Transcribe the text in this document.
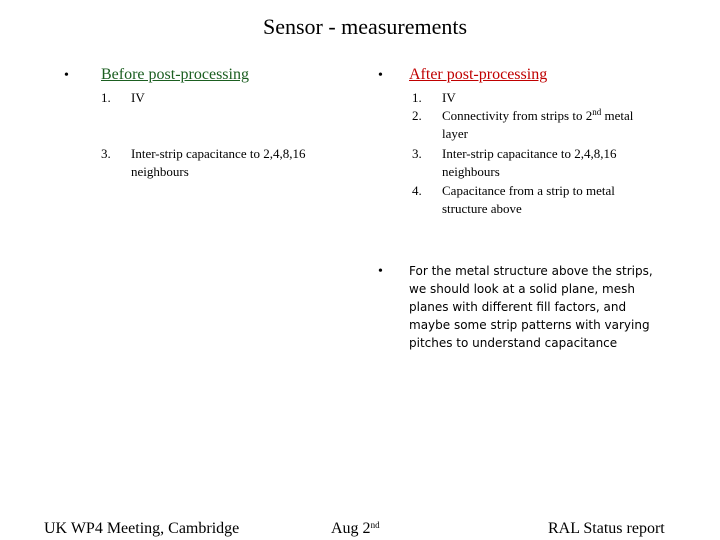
Sensor - measurements
• Before post-processing
1. IV
3. Inter-strip capacitance to 2,4,8,16
neighbours
• After post-processing
1. IV
2. Connectivity from strips to 2nd metal
layer
3. Inter-strip capacitance to 2,4,8,16
neighbours
4. Capacitance from a strip to metal
structure above
• For the metal structure above the strips, we should look at a solid plane, mesh planes with different fill factors, and maybe some strip patterns with varying pitches to understand capacitance
UK WP4 Meeting, Cambridge	Aug 2nd	RAL Status report
